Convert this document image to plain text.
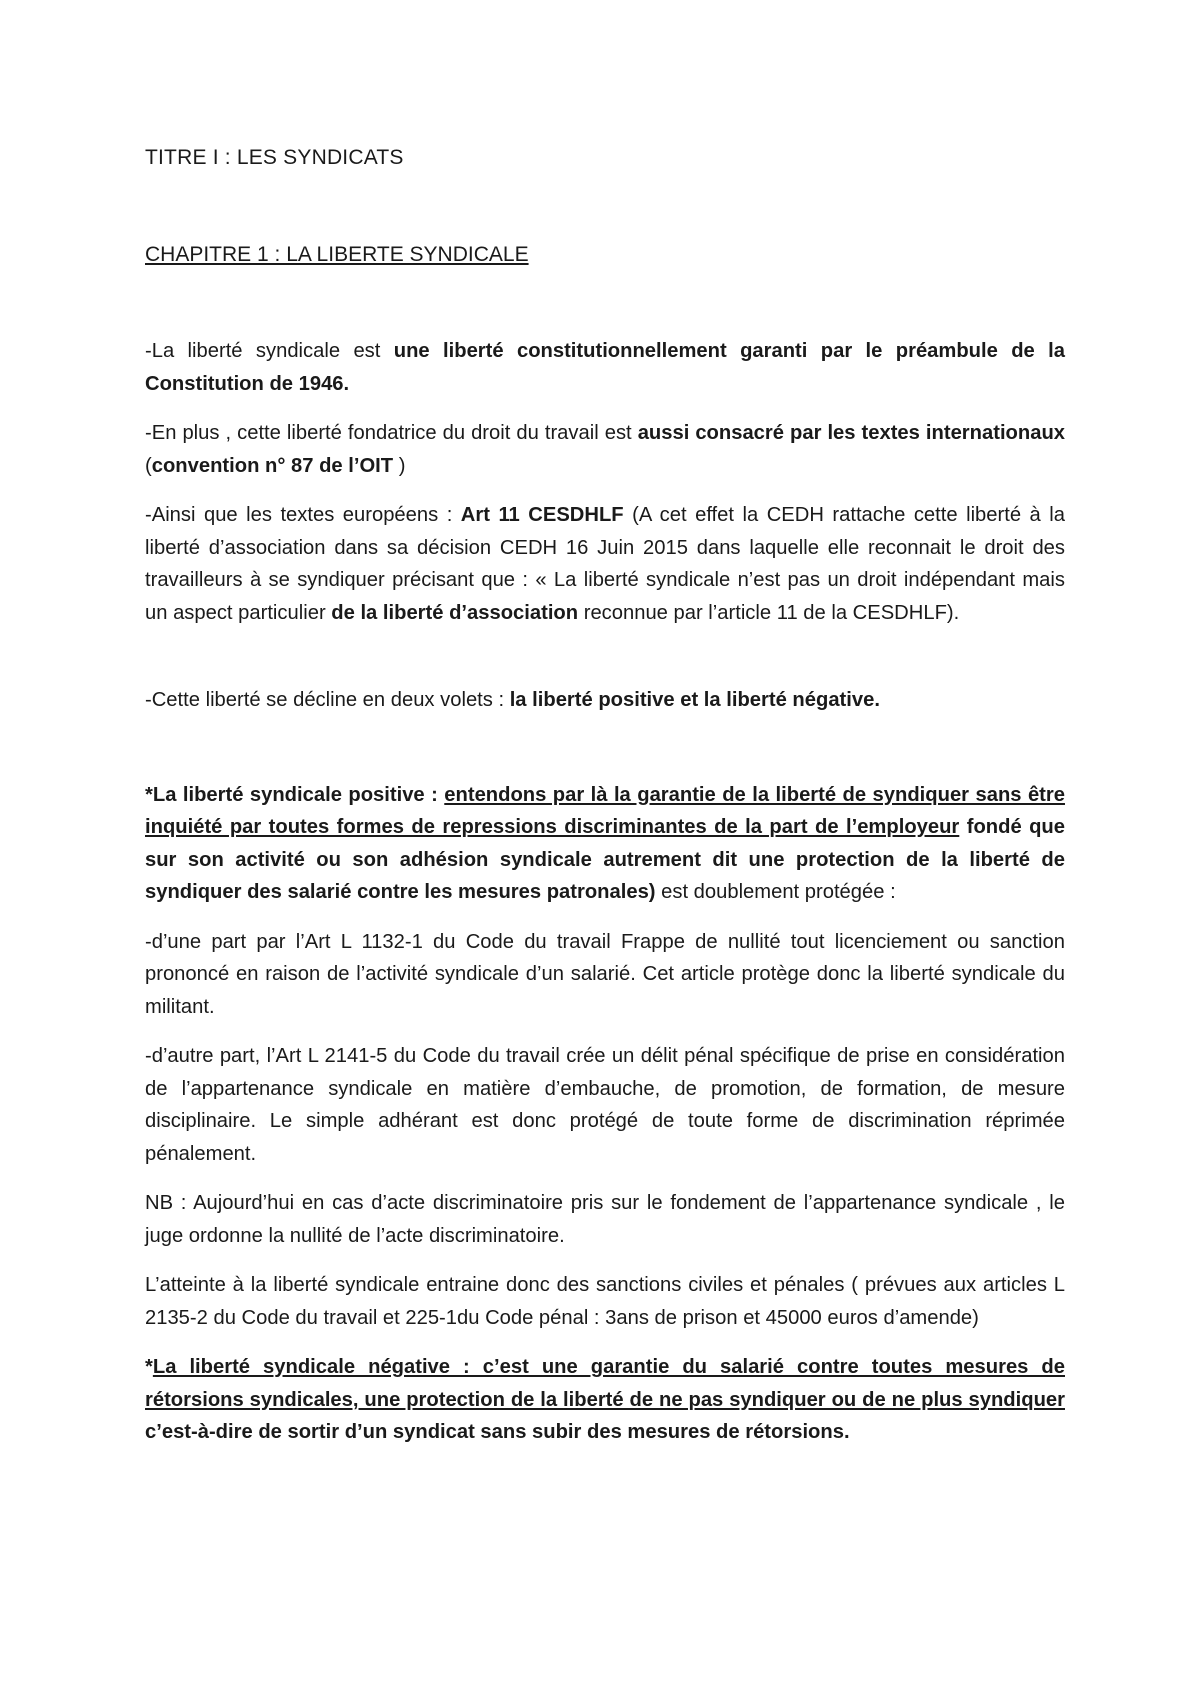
TITRE I : LES SYNDICATS
CHAPITRE 1 : LA LIBERTE SYNDICALE

-La liberté syndicale est une liberté constitutionnellement garanti par le préambule de la Constitution de 1946.

-En plus , cette liberté fondatrice du droit du travail est aussi consacré par les textes internationaux (convention n° 87 de l’OIT )

-Ainsi que les textes européens : Art 11 CESDHLF (A cet effet la CEDH rattache cette liberté à la liberté d’association dans sa décision CEDH 16 Juin 2015 dans laquelle elle reconnait le droit des travailleurs à se syndiquer précisant que : « La liberté syndicale n’est pas un droit indépendant mais un aspect particulier de la liberté d’association reconnue par l’article 11 de la CESDHLF).

-Cette liberté se décline en deux volets : la liberté positive et la liberté négative.

*La liberté syndicale positive : entendons par là la garantie de la liberté de syndiquer sans être inquiété par toutes formes de repressions discriminantes de la part de l’employeur fondé que sur son activité ou son adhésion syndicale autrement dit une protection de la liberté de syndiquer des salarié contre les mesures patronales) est doublement protégée :

-d’une part par l’Art L 1132-1 du Code du travail Frappe de nullité tout licenciement ou sanction prononcé en raison de l’activité syndicale d’un salarié. Cet article protège donc la liberté syndicale du militant.

-d’autre part, l’Art L 2141-5 du Code du travail crée un délit pénal spécifique de prise en considération de l’appartenance syndicale en matière d’embauche, de promotion, de formation, de mesure disciplinaire. Le simple adhérant est donc protégé de toute forme de discrimination réprimée pénalement.

NB : Aujourd’hui en cas d’acte discriminatoire pris sur le fondement de l’appartenance syndicale , le juge ordonne la nullité de l’acte discriminatoire.

L’atteinte à la liberté syndicale entraine donc des sanctions civiles et pénales ( prévues aux articles L 2135-2 du Code du travail et 225-1du Code pénal : 3ans de prison et 45000 euros d’amende)

*La liberté syndicale négative : c’est une garantie du salarié contre toutes mesures de rétorsions syndicales, une protection de la liberté de ne pas syndiquer ou de ne plus syndiquer c’est-à-dire de sortir d’un syndicat sans subir des mesures de rétorsions.
